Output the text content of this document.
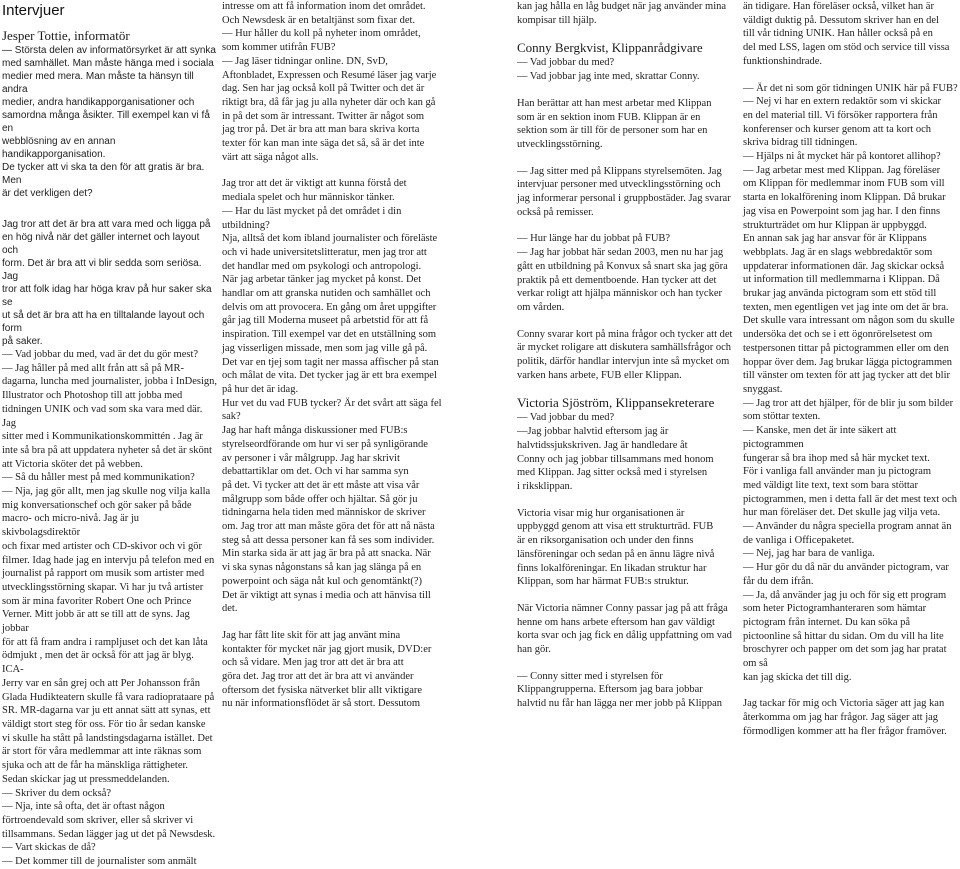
Intervjuer
Jesper Tottie, informatör
— Största delen av informatörsyrket är att synka
med samhället. Man måste hänga med i sociala
medier med mera. Man måste ta hänsyn till andra
medier, andra handikapporganisationer och
samordna många åsikter. Till exempel kan vi få en
webblösning av en annan handikapporganisation.
De tycker att vi ska ta den för att gratis är bra. Men
är det verkligen det?

Jag tror att det är bra att vara med och ligga på
en hög nivå när det gäller internet och layout och
form. Det är bra att vi blir sedda som seriösa. Jag
tror att folk idag har höga krav på hur saker ska se
ut så det är bra att ha en tilltalande layout och form
på saker.

— Vad jobbar du med, vad är det du gör mest?
— Jag håller på med allt från att så på MR-
dagarna, luncha med journalister, jobba i InDesign,
Illustrator och Photoshop till att jobba med
tidningen UNIK och vad som ska vara med där. Jag
sitter med i Kommunikationskommittén . Jag är
inte så bra på att uppdatera nyheter så det är skönt
att Victoria sköter det på webben.
— Så du håller mest på med kommunikation?
— Nja, jag gör allt, men jag skulle nog vilja kalla
mig konversationschef och gör saker på både
macro- och micro-nivå. Jag är ju skivbolagsdirektör
och fixar med artister och CD-skivor och vi gör
filmer. Idag hade jag en intervju på telefon med en
journalist på rapport om musik som artister med
utvecklingsstörning skapar. Vi har ju två artister
som är mina favoriter Robert One och Prince
Verner. Mitt jobb är att se till att de syns. Jag jobbar
för att få fram andra i rampljuset och det kan låta
ödmjukt , men det är också för att jag är blyg. ICA-
Jerry var en sån grej och att Per Johansson från
Glada Hudikteatern skulle få vara radioprataare på
SR. MR-dagarna var ju ett annat sätt att synas, ett
väldigt stort steg för oss. För tio år sedan kanske
vi skulle ha stått på landstingsdagarna istället. Det
är stort för våra medlemmar att inte räknas som
sjuka och att de får ha mänskliga rättigheter.
Sedan skickar jag ut pressmeddelanden.
— Skriver du dem också?
— Nja, inte så ofta, det är oftast någon
förtroendevald som skriver, eller så skriver vi
tillsammans. Sedan lägger jag ut det på Newsdesk.
— Vart skickas de då?
— Det kommer till de journalister som anmält

intresse om att få information inom det området.
Och Newsdesk är en betaltjänst som fixar det.
— Hur håller du koll på nyheter inom området,
som kommer utifrån FUB?
— Jag läser tidningar online. DN, SvD,
Aftonbladet, Expressen och Resumé läser jag varje
dag. Sen har jag också koll på Twitter och det är
riktigt bra, då får jag ju alla nyheter där och kan gå
in på det som är intressant. Twitter är något som
jag tror på. Det är bra att man bara skriva korta
texter för kan man inte säga det så, så är det inte
värt att säga något alls.

Jag tror att det är viktigt att kunna förstå det
mediala spelet och hur människor tänker.
— Har du läst mycket på det området i din
utbildning?
Nja, alltså det kom ibland journalister och föreläste
och vi hade universitetslitteratur, men jag tror att
det handlar med om psykologi och antropologi.
När jag arbetar tänker jag mycket på konst. Det
handlar om att granska nutiden och samhället och
delvis om att provocera. En gång om året uppgifter
går jag till Moderna museet på arbetstid för att få
inspiration. Till exempel var det en utställning som
jag visserligen missade, men som jag ville gå på.
Det var en tjej som tagit ner massa affischer på stan
och målat de vita. Det tycker jag är ett bra exempel
på hur det är idag.
Hur vet du vad FUB tycker? Är det svårt att säga fel
sak?
Jag har haft många diskussioner med FUB:s
styrelseordförande om hur vi ser på synligörande
av personer i vår målgrupp. Jag har skrivit
debattartiklar om det. Och vi har samma syn
på det. Vi tycker att det är ett måste att visa vår
målgrupp som både offer och hjältar. Så gör ju
tidningarna hela tiden med människor de skriver
om. Jag tror att man måste göra det för att nå nästa
steg så att dessa personer kan få ses som individer.
Min starka sida är att jag är bra på att snacka. När
vi ska synas någonstans så kan jag slänga på en
powerpoint och säga nåt kul och genomtänkt(?)
Det är viktigt att synas i media och att hänvisa till
det.

Jag har fått lite skit för att jag använt mina
kontakter för mycket när jag gjort musik, DVD:er
och så vidare. Men jag tror att det är bra att
göra det. Jag tror att det är bra att vi använder
oftersom det fysiska nätverket blir allt viktigare
nu när informationsflödet är så stort. Dessutom

kan jag hålla en låg budget när jag använder mina
kompisar till hjälp.

Conny Bergkvist, Klippanrådgivare

— Vad jobbar du med?
— Vad jobbar jag inte med, skrattar Conny.

Han berättar att han mest arbetar med Klippan
som är en sektion inom FUB. Klippan är en
sektion som är till för de personer som har en
utvecklingsstörning.

— Jag sitter med på Klippans styrelsemöten. Jag
intervjuar personer med utvecklingsstörning och
jag informerar personal i gruppbostäder. Jag svarar
också på remisser.

— Hur länge har du jobbat på FUB?
— Jag har jobbat här sedan 2003, men nu har jag
gått en utbildning på Konvux så snart ska jag göra
praktik på ett dementboende. Han tycker att det
verkar roligt att hjälpa människor och han tycker
om vården.

Conny svarar kort på mina frågor och tycker att det
är mycket roligare att diskutera samhällsfrågor och
politik, därför handlar intervjun inte så mycket om
varken hans arbete, FUB eller Klippan.

Victoria Sjöström, Klippansekreterare

— Vad jobbar du med?
—Jag jobbar halvtid eftersom jag är
halvtidssjukskriven. Jag är handledare åt
Conny och jag jobbar tillsammans med honom
med Klippan. Jag sitter också med i styrelsen
i riksklippan.

Victoria visar mig hur organisationen är
uppbyggd genom att visa ett strukturträd. FUB
är en riksorganisation och under den finns
länsföreningar och sedan på en ännu lägre nivå
finns lokalföreningar. En likadan struktur har
Klippan, som har härmat FUB:s struktur.

När Victoria nämner Conny passar jag på att fråga
henne om hans arbete eftersom han gav väldigt
korta svar och jag fick en dålig uppfattning om vad
han gör.

— Conny sitter med i styrelsen för
Klippangrupperna. Eftersom jag bara jobbar
halvtid nu får han lägga ner mer jobb på Klippan

än tidigare. Han föreläser också, vilket han är
väldigt duktig på. Dessutom skriver han en del
till vår tidning UNIK. Han håller också på en
del med LSS, lagen om stöd och service till vissa
funktionshindrade.

— Är det ni som gör tidningen UNIK här på FUB?
— Nej vi har en extern redaktör som vi skickar
en del material till. Vi försöker rapportera från
konferenser och kurser genom att ta kort och
skriva bidrag till tidningen.
— Hjälps ni åt mycket här på kontoret allihop?
— Jag arbetar mest med Klippan. Jag föreläser
om Klippan för medlemmar inom FUB som vill
starta en lokalförening inom Klippan. Då brukar
jag visa en Powerpoint som jag har. I den finns
strukturträdet om hur Klippan är uppbyggd.
En annan sak jag har ansvar för är Klippans
webbplats. Jag är en slags webbredaktör som
uppdaterar informationen där. Jag skickar också
ut information till medlemmarna i Klippan. Då
brukar jag använda pictogram som ett stöd till
texten, men egentligen vet jag inte om det är bra.
Det skulle vara intressant om någon som du skulle
undersöka det och se i ett ögonrörelsetest om
testpersonen tittar på pictogrammen eller om den
hoppar över dem. Jag brukar lägga pictogrammen
till vänster om texten för att jag tycker att det blir
snyggast.
— Jag tror att det hjälper, för de blir ju som bilder
som stöttar texten.
— Kanske, men det är inte säkert att pictogrammen
fungerar så bra ihop med så här mycket text.
För i vanliga fall använder man ju pictogram
med väldigt lite text, text som bara stöttar
pictogrammen, men i detta fall är det mest text och
hur man föreläser det. Det skulle jag vilja veta.
— Använder du några speciella program annat än
de vanliga i Officepaketet.
— Nej, jag har bara de vanliga.
— Hur gör du då när du använder pictogram, var
får du dem ifrån.
— Ja, då använder jag ju och för sig ett program
som heter Pictogramhanteraren som hämtar
pictogram från internet. Du kan söka på
pictoonline så hittar du sidan. Om du vill ha lite
broschyrer och papper om det som jag har pratat om så
kan jag skicka det till dig.

Jag tackar för mig och Victoria säger att jag kan
återkomma om jag har frågor. Jag säger att jag
förmodligen kommer att ha fler frågor framöver.
